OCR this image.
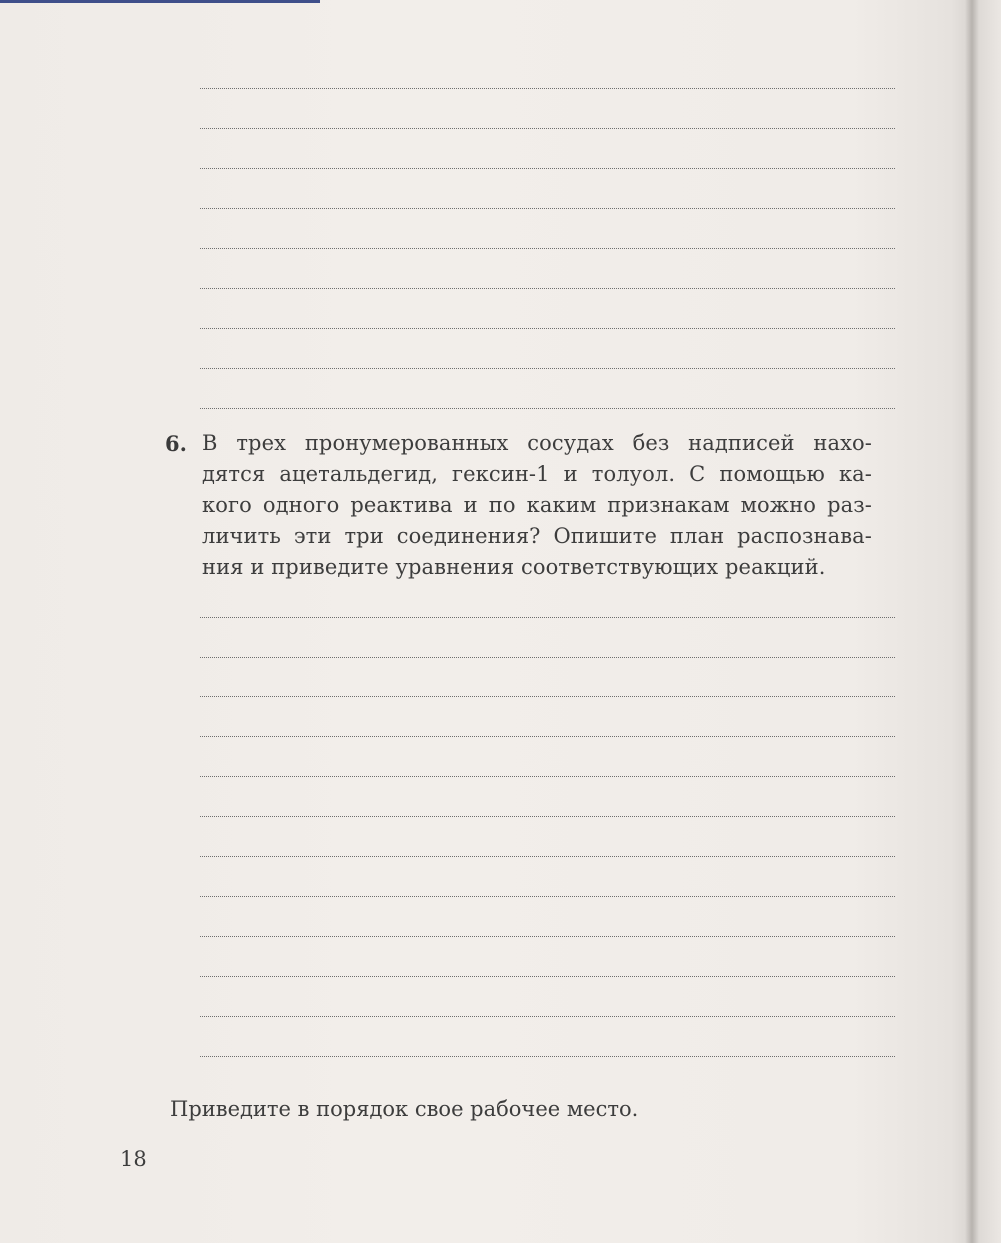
6. В трех пронумерованных сосудах без надписей нахо-
дятся ацетальдегид, гексин-1 и толуол. С помощью ка-
кого одного реактива и по каким признакам можно раз-
личить эти три соединения? Опишите план распознава-
ния и приведите уравнения соответствующих реакций.
Приведите в порядок свое рабочее место.
18
